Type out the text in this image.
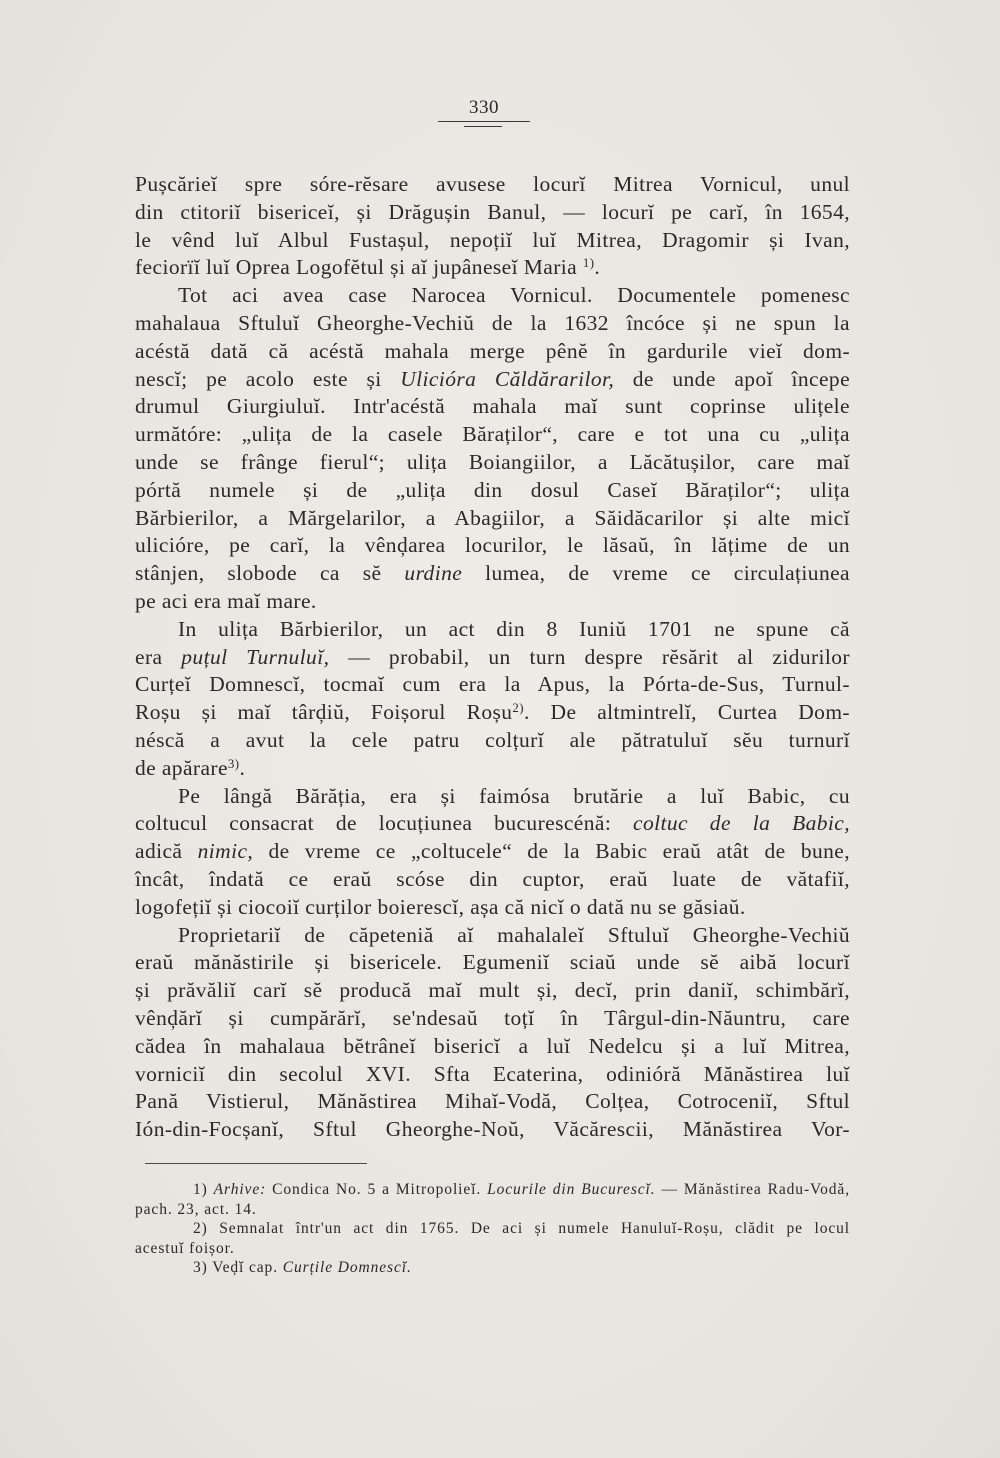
330
Pușcărieĭ spre sóre-rĕsare avusese locurĭ Mitrea Vornicul, unul
din ctitoriĭ bisericeĭ, și Drăgușin Banul, — locurĭ pe carĭ, în 1654,
le vênd luĭ Albul Fustașul, nepoțiĭ luĭ Mitrea, Dragomir și Ivan,
feciorïĭ luĭ Oprea Logofĕtul și aĭ jupâneseĭ Maria $^{1)}$.
Tot aci avea case Narocea Vornicul. Documentele pomenesc
mahalaua Sftuluĭ Gheorghe-Vechiŭ de la 1632 încóce și ne spun la
acéstă dată că acéstă mahala merge pênĕ în gardurile vieĭ dom-
nescĭ; pe acolo este și Ulicióra Căldărarilor, de unde apoĭ începe
drumul Giurgiuluĭ. Intr'acéstă mahala maĭ sunt coprinse ulițele
următóre: „ulița de la casele Băraților“, care e tot una cu „ulița
unde se frânge fierul“; ulița Boiangiilor, a Lăcătușilor, care maĭ
pórtă numele și de „ulița din dosul Caseĭ Băraților“; ulița
Bărbierilor, a Mărgelarilor, a Abagiilor, a Săidăcarilor și alte micĭ
ulicióre, pe carĭ, la vênḑarea locurilor, le lăsaŭ, în lățime de un
stânjen, slobode ca sĕ urdine lumea, de vreme ce circulațiunea
pe aci era maĭ mare.
In ulița Bărbierilor, un act din 8 Iuniŭ 1701 ne spune că
era puțul Turnuluĭ, — probabil, un turn despre rĕsărit al zidurilor
Curțeĭ Domnescĭ, tocmaĭ cum era la Apus, la Pórta-de-Sus, Turnul-
Roșu și maĭ târḑiŭ, Foișorul Roșu$^{2)}$. De altmintrelĭ, Curtea Dom-
néscă a avut la cele patru colțurĭ ale pătratuluĭ sĕu turnurĭ
de apărare$^{3)}$.
Pe lângă Bărăția, era și faimósa brutărie a luĭ Babic, cu
coltucul consacrat de locuțiunea bucurescénă: coltuc de la Babic,
adică nimic, de vreme ce „coltucele“ de la Babic eraŭ atât de bune,
încât, îndată ce eraŭ scóse din cuptor, eraŭ luate de vătafiĭ,
logofețiĭ și ciocoiĭ curților boierescĭ, așa că nicĭ o dată nu se găsiaŭ.
Proprietariĭ de căpeteniă aĭ mahalaleĭ Sftuluĭ Gheorghe-Vechiŭ
eraŭ mănăstirile și bisericele. Egumeniĭ sciaŭ unde sĕ aibă locurĭ
și prăvăliĭ carĭ sĕ producă maĭ mult și, decĭ, prin daniĭ, schimbărĭ,
vênḑărĭ și cumpărărĭ, se'ndesaŭ toțĭ în Târgul-din-Năuntru, care
cădea în mahalaua bĕtrâneĭ bisericĭ a luĭ Nedelcu și a luĭ Mitrea,
vorniciĭ din secolul XVI. Sfta Ecaterina, odinióră Mănăstirea luĭ
Pană Vistierul, Mănăstirea Mihaĭ-Vodă, Colțea, Cotroceniĭ, Sftul
Ión-din-Focșanĭ, Sftul Gheorghe-Noŭ, Văcărescii, Mănăstirea Vor-
1) Arhive: Condica No. 5 a Mitropolieĭ. Locurile din Bucurescĭ. — Mănăstirea Radu-Vodă,
pach. 23, act. 14.
2) Semnalat într'un act din 1765. De aci și numele Hanuluĭ-Roșu, clădit pe locul
acestuĭ foișor.
3) Veḑĭ cap. Curțile Domnescĭ.
